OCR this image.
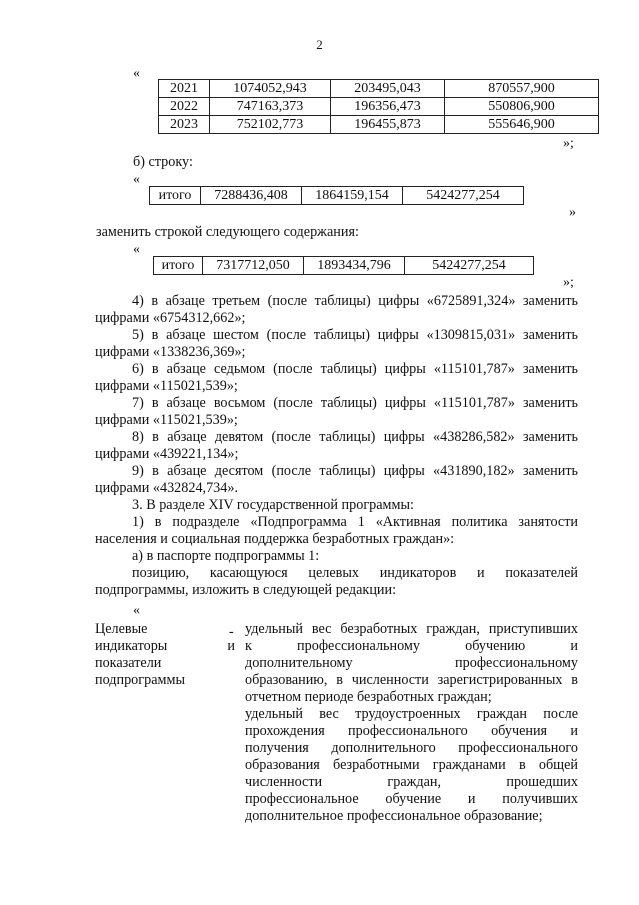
2
«
2021	1074052,943	203495,043	870557,900
2022	747163,373	196356,473	550806,900
2023	752102,773	196455,873	555646,900
»;
б) строку:
«
итого	7288436,408	1864159,154	5424277,254
»
заменить строкой следующего содержания:
«
итого	7317712,050	1893434,796	5424277,254
»;
4) в абзаце третьем (после таблицы) цифры «6725891,324» заменить
цифрами «6754312,662»;
5) в абзаце шестом (после таблицы) цифры «1309815,031» заменить
цифрами «1338236,369»;
6) в абзаце седьмом (после таблицы) цифры «115101,787» заменить
цифрами «115021,539»;
7) в абзаце восьмом (после таблицы) цифры «115101,787» заменить
цифрами «115021,539»;
8) в абзаце девятом (после таблицы) цифры «438286,582» заменить
цифрами «439221,134»;
9) в абзаце десятом (после таблицы) цифры «431890,182» заменить
цифрами «432824,734».
3. В разделе XIV государственной программы:
1) в подразделе «Подпрограмма 1 «Активная политика занятости
населения и социальная поддержка безработных граждан»:
а) в паспорте подпрограммы 1:
позицию, касающуюся целевых индикаторов и показателей
подпрограммы, изложить в следующей редакции:
«
Целевые
индикаторы	и
показатели
подпрограммы
- удельный вес безработных граждан, приступивших
к профессиональному обучению и
дополнительному профессиональному
образованию, в численности зарегистрированных в
отчетном периоде безработных граждан;
удельный вес трудоустроенных граждан после
прохождения профессионального обучения и
получения дополнительного профессионального
образования безработными гражданами в общей
численности граждан, прошедших
профессиональное обучение и получивших
дополнительное профессиональное образование;
